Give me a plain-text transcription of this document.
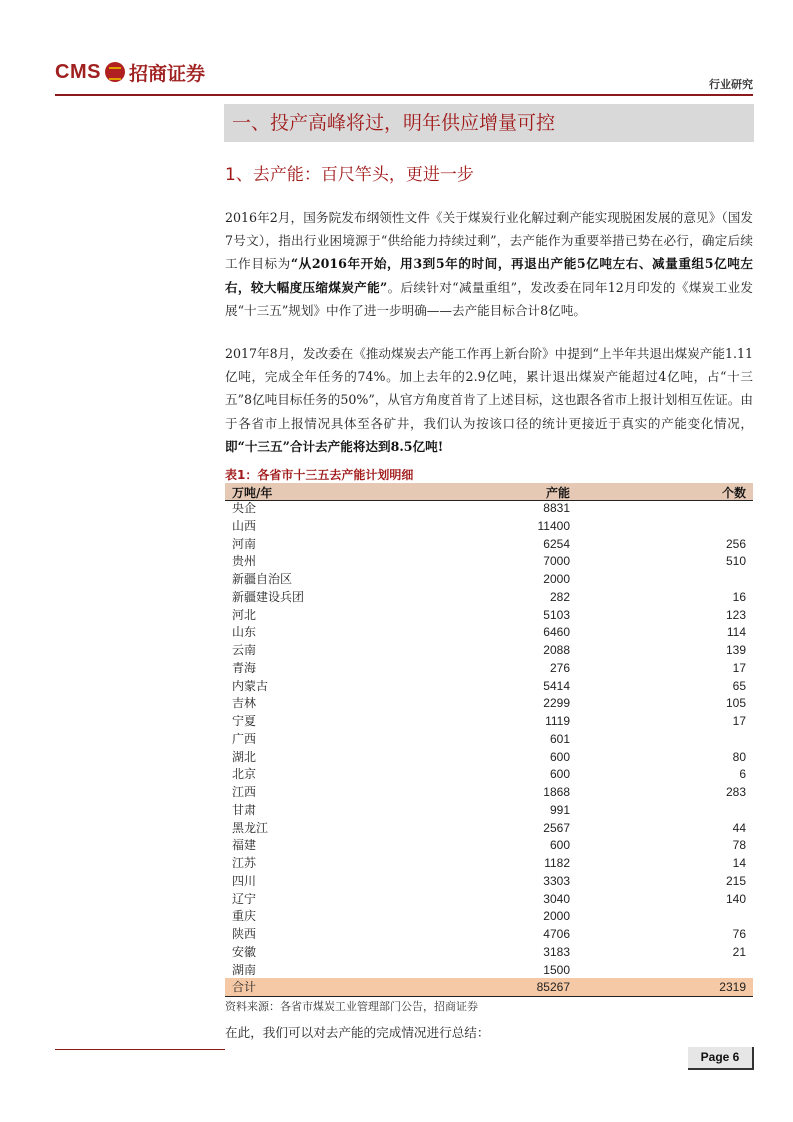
CMS 招商证券	行业研究
一、投产高峰将过，明年供应增量可控
1、去产能：百尺竿头，更进一步
2016年2月，国务院发布纲领性文件《关于煤炭行业化解过剩产能实现脱困发展的意见》（国发7号文），指出行业困境源于“供给能力持续过剩”，去产能作为重要举措已势在必行，确定后续工作目标为“从2016年开始，用3到5年的时间，再退出产能5亿吨左右、减量重组5亿吨左右，较大幅度压缩煤炭产能”。后续针对“减量重组”，发改委在同年12月印发的《煤炭工业发展“十三五”规划》中作了进一步明确——去产能目标合计8亿吨。
2017年8月，发改委在《推动煤炭去产能工作再上新台阶》中提到“上半年共退出煤炭产能1.11亿吨，完成全年任务的74%。加上去年的2.9亿吨，累计退出煤炭产能超过4亿吨，占“十三五”8亿吨目标任务的50%”，从官方角度首肯了上述目标，这也跟各省市上报计划相互佐证。由于各省市上报情况具体至各矿井，我们认为按该口径的统计更接近于真实的产能变化情况，即“十三五”合计去产能将达到8.5亿吨!
表1：各省市十三五去产能计划明细
万吨/年	产能	个数
央企	8831
山西	11400
河南	6254	256
贵州	7000	510
新疆自治区	2000
新疆建设兵团	282	16
河北	5103	123
山东	6460	114
云南	2088	139
青海	276	17
内蒙古	5414	65
吉林	2299	105
宁夏	1119	17
广西	601
湖北	600	80
北京	600	6
江西	1868	283
甘肃	991
黑龙江	2567	44
福建	600	78
江苏	1182	14
四川	3303	215
辽宁	3040	140
重庆	2000
陕西	4706	76
安徽	3183	21
湖南	1500
合计	85267	2319
资料来源：各省市煤炭工业管理部门公告，招商证券
在此，我们可以对去产能的完成情况进行总结：
Page 6
